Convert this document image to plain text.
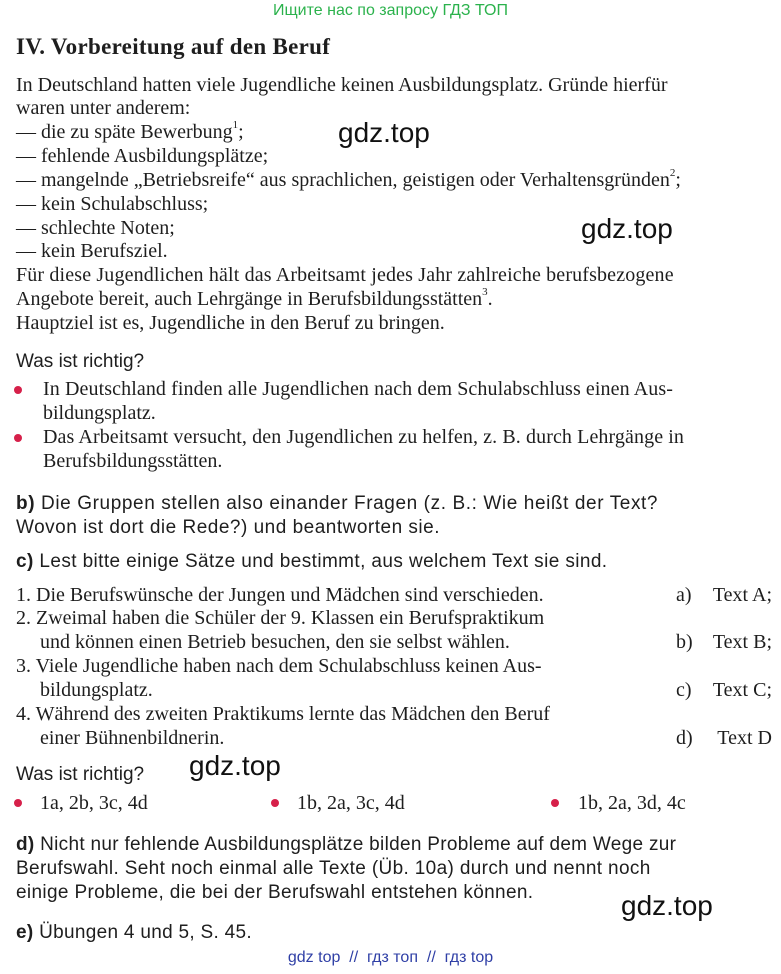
Ищите нас по запросу ГДЗ ТОП
IV. Vorbereitung auf den Beruf
In Deutschland hatten viele Jugendliche keinen Ausbildungsplatz. Gründe hierfür
waren unter anderem:
— die zu späte Bewerbung$^1$;
— fehlende Ausbildungsplätze;
— mangelnde „Betriebsreife“ aus sprachlichen, geistigen oder Verhaltensgründen$^2$;
— kein Schulabschluss;
— schlechte Noten;
— kein Berufsziel.
Für diese Jugendlichen hält das Arbeitsamt jedes Jahr zahlreiche berufsbezogene
Angebote bereit, auch Lehrgänge in Berufsbildungsstätten$^3$.
Hauptziel ist es, Jugendliche in den Beruf zu bringen.
Was ist richtig?
In Deutschland finden alle Jugendlichen nach dem Schulabschluss einen Aus-
bildungsplatz.
Das Arbeitsamt versucht, den Jugendlichen zu helfen, z. B. durch Lehrgänge in
Berufsbildungsstätten.
b) Die Gruppen stellen also einander Fragen (z. B.: Wie heißt der Text?
Wovon ist dort die Rede?) und beantworten sie.
c) Lest bitte einige Sätze und bestimmt, aus welchem Text sie sind.
1. Die Berufswünsche der Jungen und Mädchen sind verschieden.
2. Zweimal haben die Schüler der 9. Klassen ein Berufspraktikum
und können einen Betrieb besuchen, den sie selbst wählen.
3. Viele Jugendliche haben nach dem Schulabschluss keinen Aus-
bildungsplatz.
4. Während des zweiten Praktikums lernte das Mädchen den Beruf
einer Bühnenbildnerin.
a) Text A;
b) Text B;
c) Text C;
d) Text D
Was ist richtig?
1a, 2b, 3c, 4d	1b, 2a, 3c, 4d	1b, 2a, 3d, 4c
d) Nicht nur fehlende Ausbildungsplätze bilden Probleme auf dem Wege zur
Berufswahl. Seht noch einmal alle Texte (Üb. 10a) durch und nennt noch
einige Probleme, die bei der Berufswahl entstehen können.
e) Übungen 4 und 5, S. 45.
gdz.top
gdz.top
gdz.top
gdz.top
gdz top  //  гдз топ  //  гдз top
